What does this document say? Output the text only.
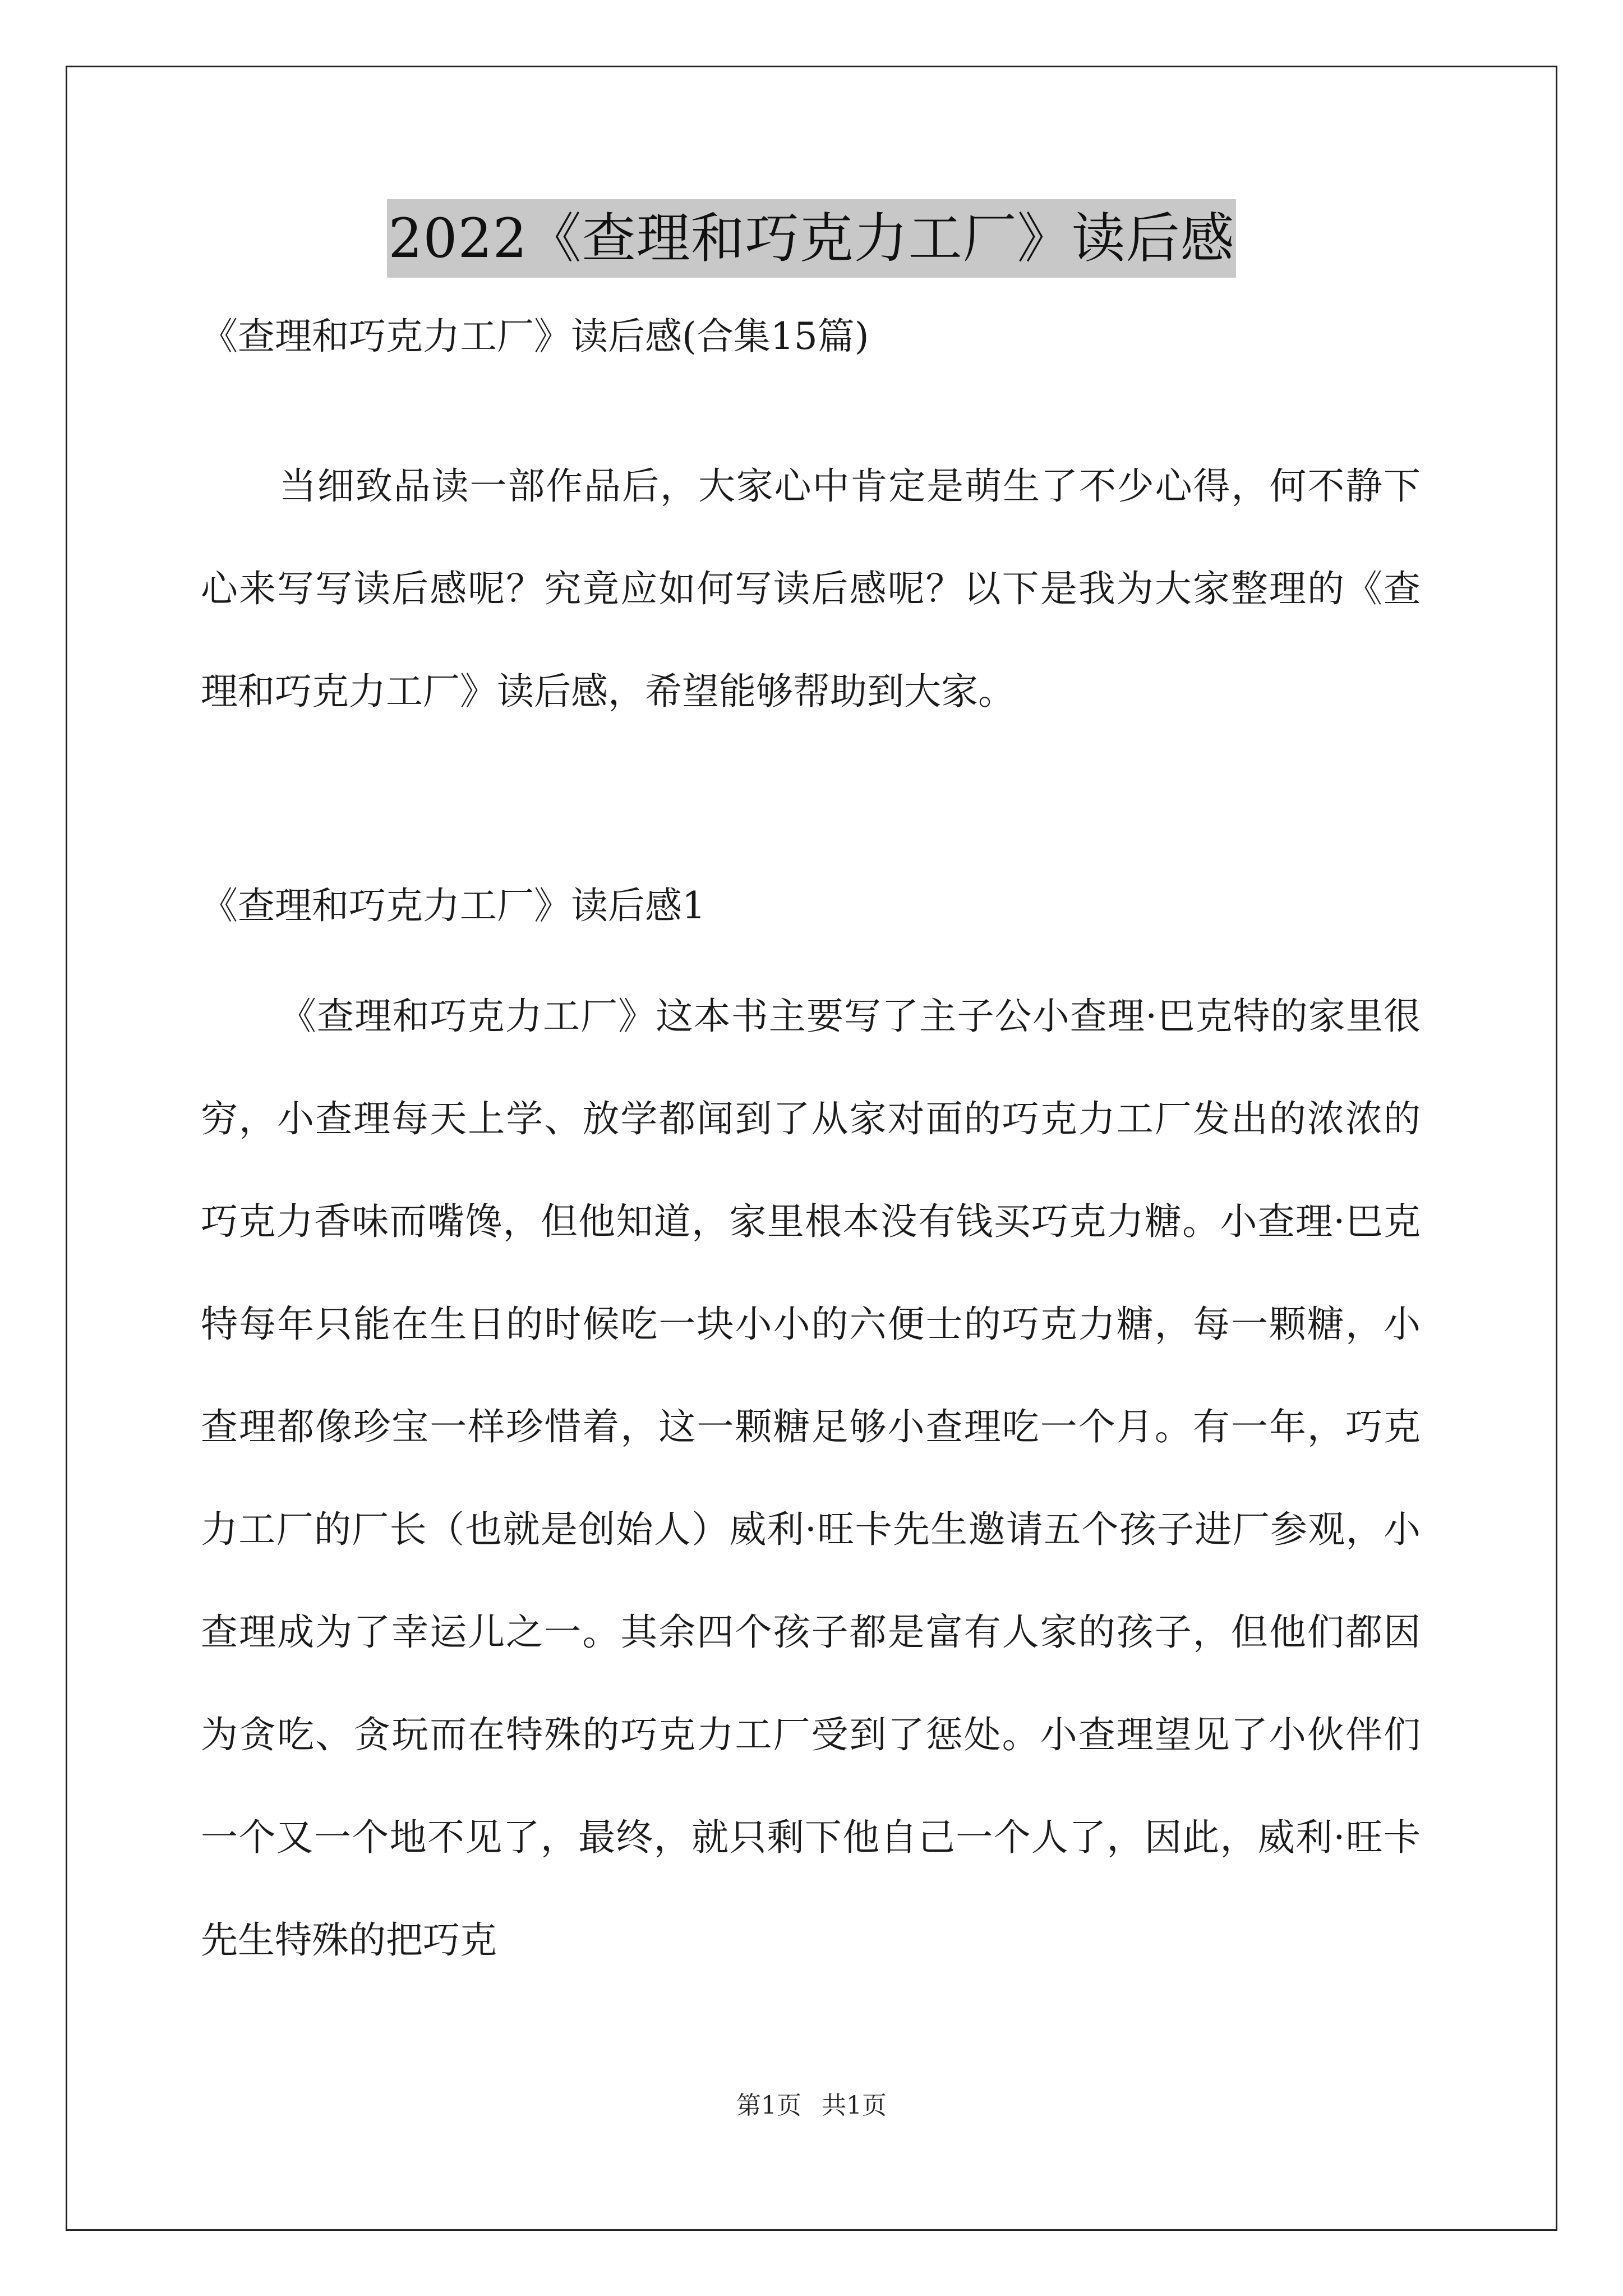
2022《查理和巧克力工厂》读后感
《查理和巧克力工厂》读后感(合集15篇)

当细致品读一部作品后，大家心中肯定是萌生了不少心得，何不静下心来写写读后感呢？究竟应如何写读后感呢？以下是我为大家整理的《查理和巧克力工厂》读后感，希望能够帮助到大家。

《查理和巧克力工厂》读后感1

《查理和巧克力工厂》这本书主要写了主子公小查理·巴克特的家里很穷，小查理每天上学、放学都闻到了从家对面的巧克力工厂发出的浓浓的巧克力香味而嘴馋，但他知道，家里根本没有钱买巧克力糖。小查理·巴克特每年只能在生日的时候吃一块小小的六便士的巧克力糖，每一颗糖，小查理都像珍宝一样珍惜着，这一颗糖足够小查理吃一个月。有一年，巧克力工厂的厂长（也就是创始人）威利·旺卡先生邀请五个孩子进厂参观，小查理成为了幸运儿之一。其余四个孩子都是富有人家的孩子，但他们都因为贪吃、贪玩而在特殊的巧克力工厂受到了惩处。小查理望见了小伙伴们一个又一个地不见了，最终，就只剩下他自己一个人了，因此，威利·旺卡先生特殊的把巧克

第1页 共1页
